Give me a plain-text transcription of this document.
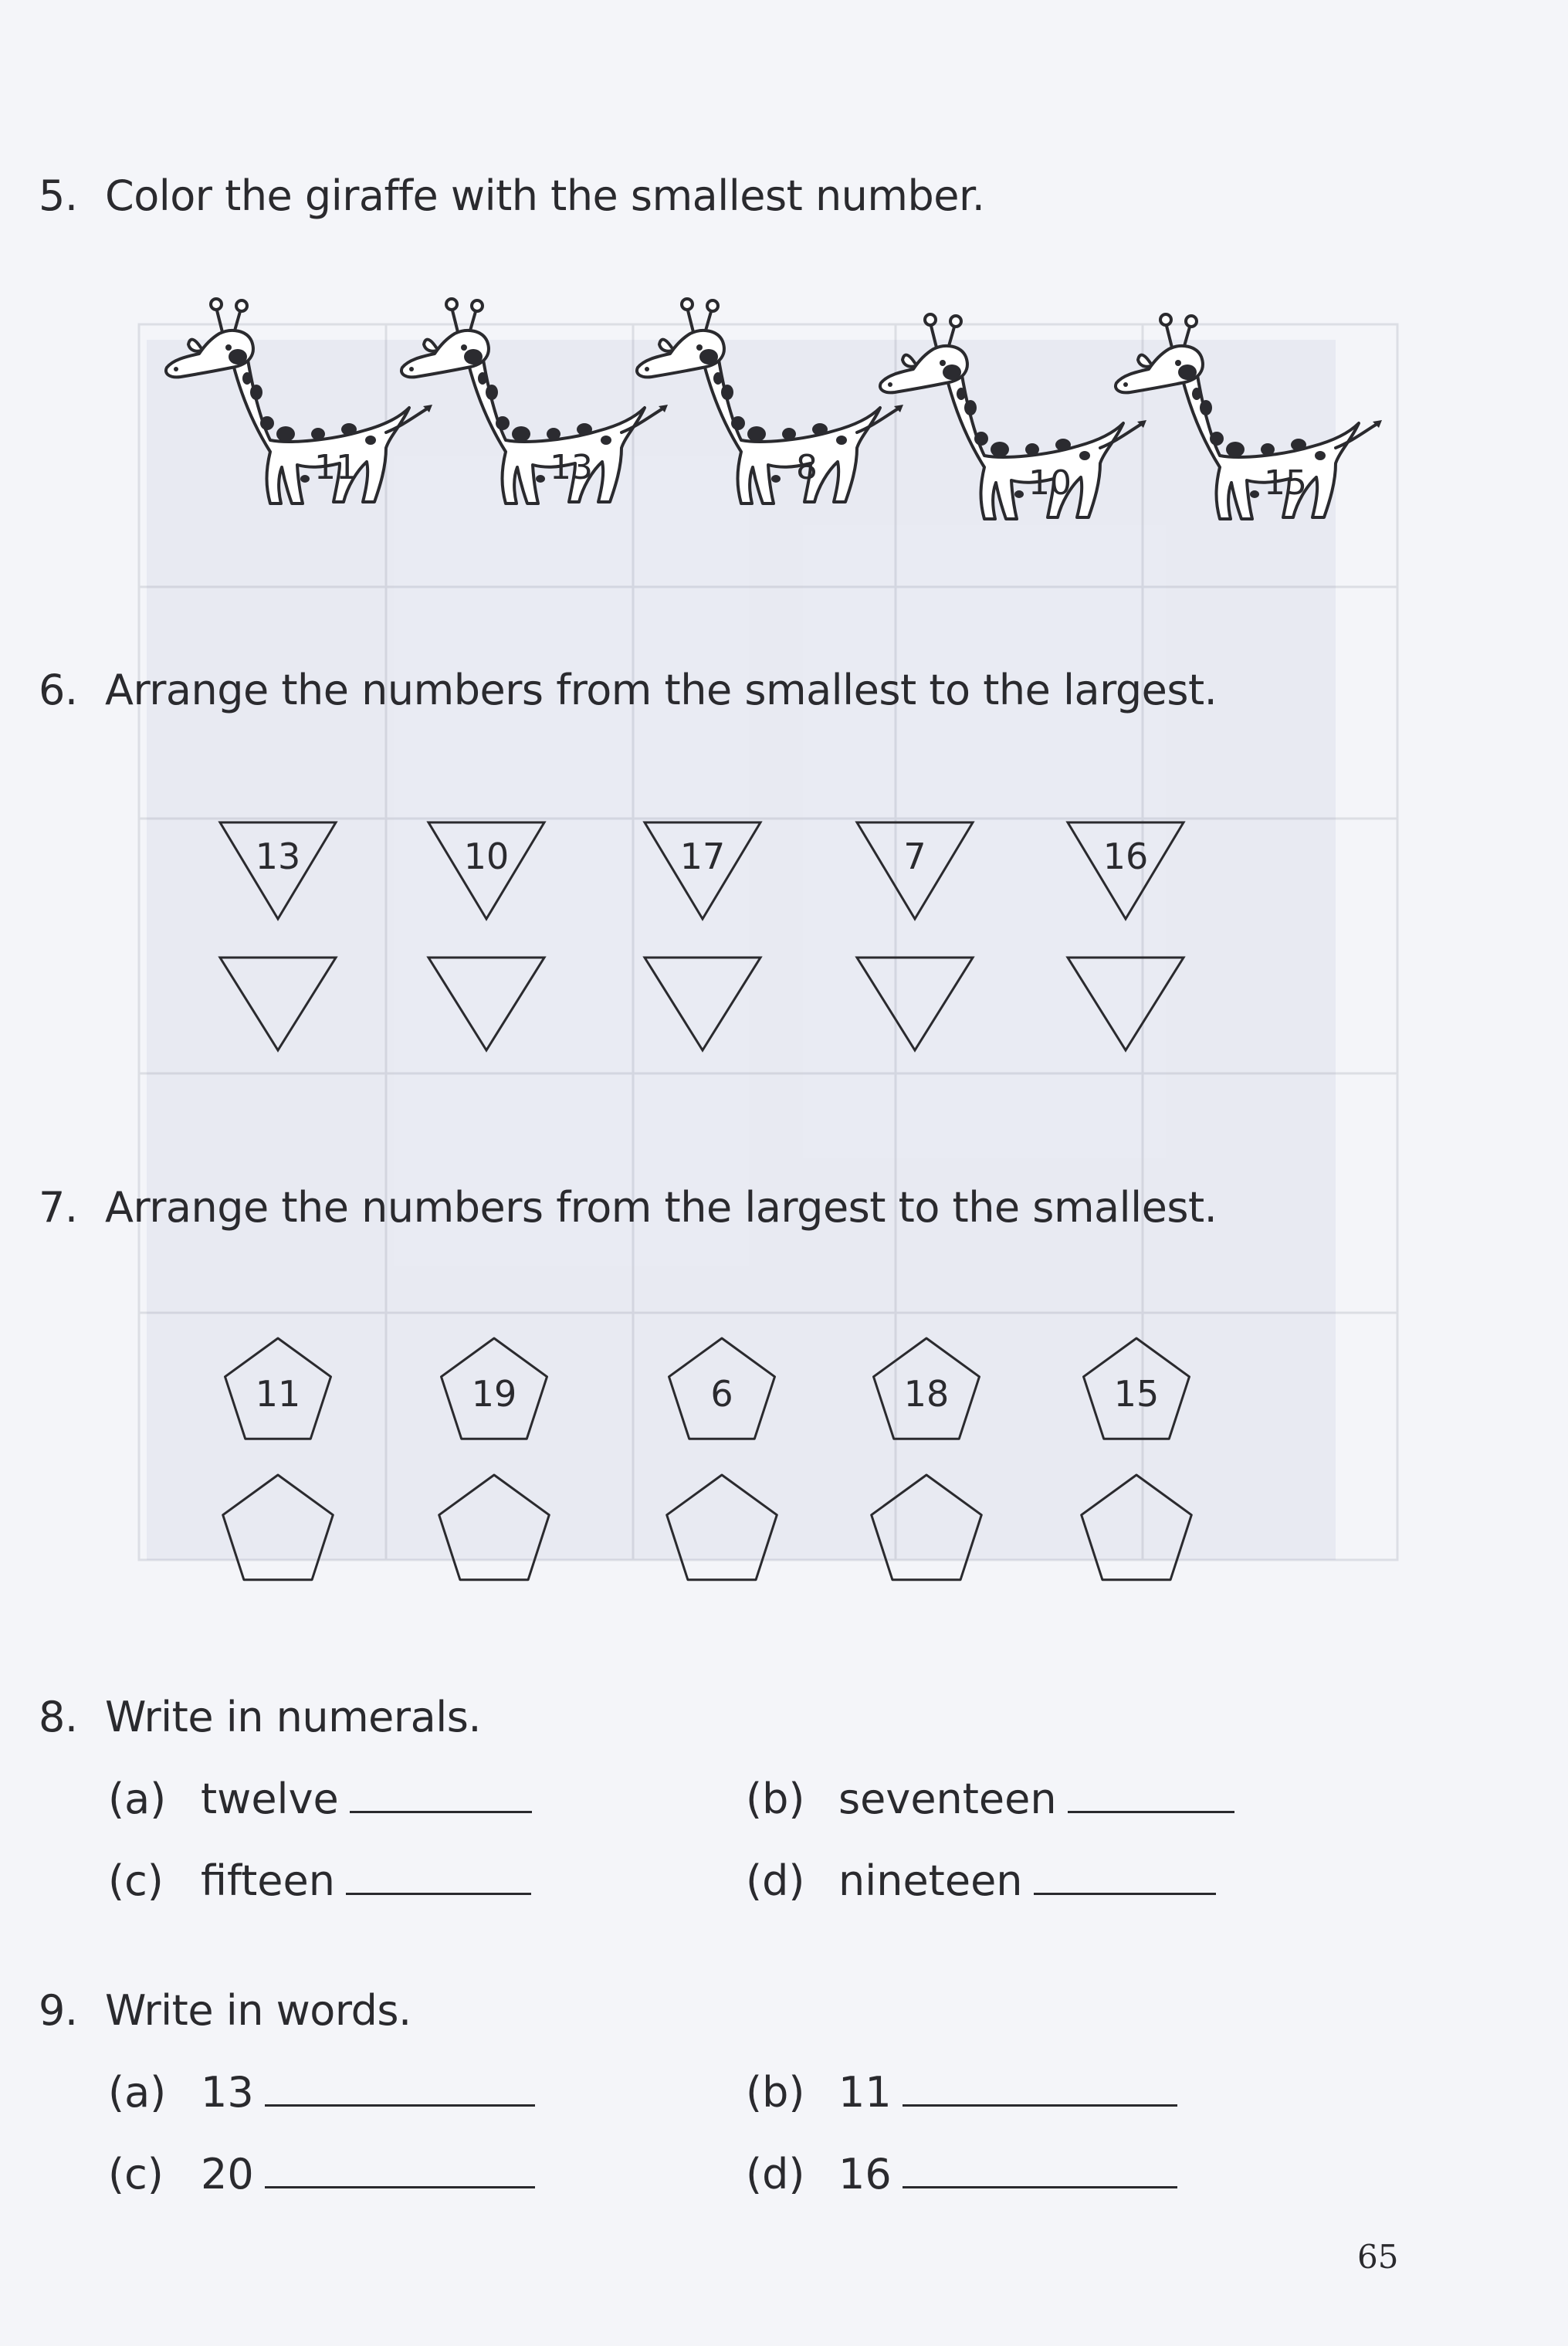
5. Color the giraffe with the smallest number.
11	13	8	10	15
6. Arrange the numbers from the smallest to the largest.
13	10	17	7	16
7. Arrange the numbers from the largest to the smallest.
11	19	6	18	15
8. Write in numerals.
(a) twelve	(b) seventeen
(c) fifteen	(d) nineteen
9. Write in words.
(a) 13	(b) 11
(c) 20	(d) 16
65
